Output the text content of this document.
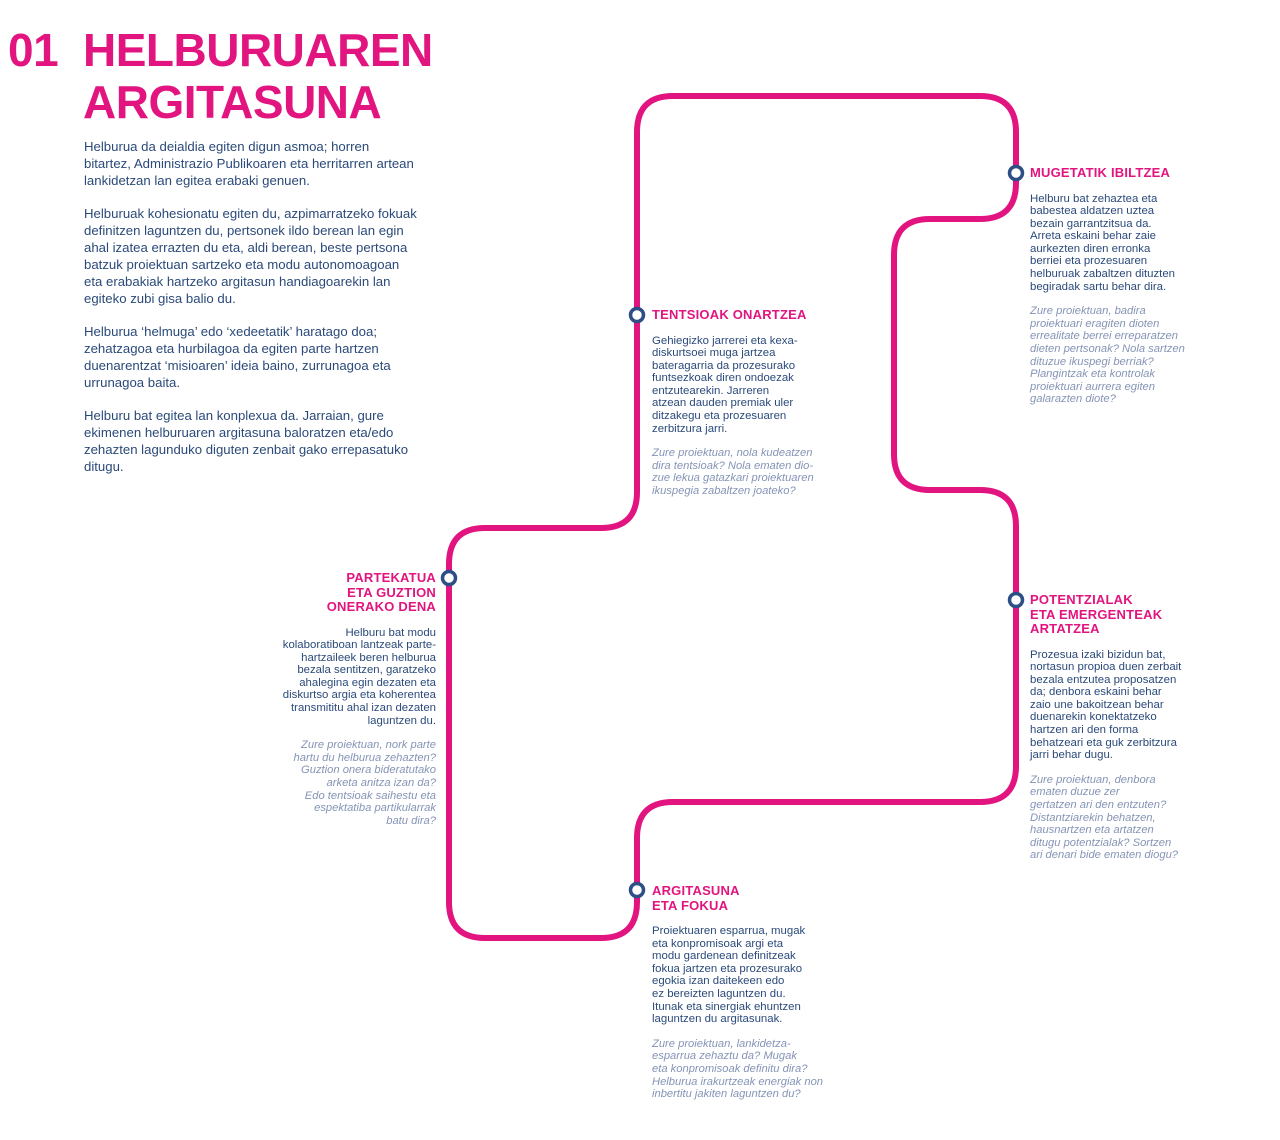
01 HELBURUAREN
ARGITASUNA

Helburua da deialdia egiten digun asmoa; horren
bitartez, Administrazio Publikoaren eta herritarren artean
lankidetzan lan egitea erabaki genuen.

Helburuak kohesionatu egiten du, azpimarratzeko fokuak
definitzen laguntzen du, pertsonek ildo berean lan egin
ahal izatea errazten du eta, aldi berean, beste pertsona
batzuk proiektuan sartzeko eta modu autonomoagoan
eta erabakiak hartzeko argitasun handiagoarekin lan
egiteko zubi gisa balio du.

Helburua ‘helmuga’ edo ‘xedeetatik’ haratago doa;
zehatzagoa eta hurbilagoa da egiten parte hartzen
duenarentzat ‘misioaren’ ideia baino, zurrunagoa eta
urrunagoa baita.

Helburu bat egitea lan konplexua da. Jarraian, gure
ekimenen helburuaren argitasuna baloratzen eta/edo
zehazten lagunduko diguten zenbait gako errepasatuko
ditugu.

MUGETATIK IBILTZEA
Helburu bat zehaztea eta
babestea aldatzen uztea
bezain garrantzitsua da.
Arreta eskaini behar zaie
aurkezten diren erronka
berriei eta prozesuaren
helburuak zabaltzen dituzten
begiradak sartu behar dira.
Zure proiektuan, badira
proiektuari eragiten dioten
errealitate berrei erreparatzen
dieten pertsonak? Nola sartzen
dituzue ikuspegi berriak?
Plangintzak eta kontrolak
proiektuari aurrera egiten
galarazten diote?
TENTSIOAK ONARTZEA
Gehiegizko jarrerei eta kexa-
diskurtsoei muga jartzea
bateragarria da prozesurako
funtsezkoak diren ondoezak
entzutearekin. Jarreren
atzean dauden premiak uler
ditzakegu eta prozesuaren
zerbitzura jarri.
Zure proiektuan, nola kudeatzen
dira tentsioak? Nola ematen dio-
zue lekua gatazkari proiektuaren
ikuspegia zabaltzen joateko?
PARTEKATUA
ETA GUZTION
ONERAKO DENA
Helburu bat modu
kolaboratiboan lantzeak parte-
hartzaileek beren helburua
bezala sentitzen, garatzeko
ahalegina egin dezaten eta
diskurtso argia eta koherentea
transmititu ahal izan dezaten
laguntzen du.
Zure proiektuan, nork parte
hartu du helburua zehazten?
Guztion onera bideratutako
arketa anitza izan da?
Edo tentsioak saihestu eta
espektatiba partikularrak
batu dira?
POTENTZIALAK
ETA EMERGENTEAK
ARTATZEA
Prozesua izaki bizidun bat,
nortasun propioa duen zerbait
bezala entzutea proposatzen
da; denbora eskaini behar
zaio une bakoitzean behar
duenarekin konektatzeko
hartzen ari den forma
behatzeari eta guk zerbitzura
jarri behar dugu.
Zure proiektuan, denbora
ematen duzue zer
gertatzen ari den entzuten?
Distantziarekin behatzen,
hausnartzen eta artatzen
ditugu potentzialak? Sortzen
ari denari bide ematen diogu?
ARGITASUNA
ETA FOKUA
Proiektuaren esparrua, mugak
eta konpromisoak argi eta
modu gardenean definitzeak
fokua jartzen eta prozesurako
egokia izan daitekeen edo
ez bereizten laguntzen du.
Itunak eta sinergiak ehuntzen
laguntzen du argitasunak.
Zure proiektuan, lankidetza-
esparrua zehaztu da? Mugak
eta konpromisoak definitu dira?
Helburua irakurtzeak energiak non
inbertitu jakiten laguntzen du?
